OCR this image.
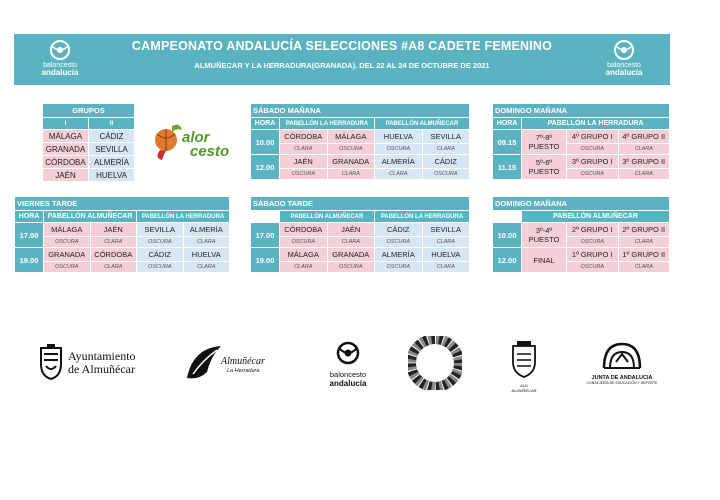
baloncesto
andalucía
CAMPEONATO ANDALUCÍA SELECCIONES #A8 CADETE FEMENINO
ALMUÑECAR Y LA HERRADURA(GRANADA). DEL 22 AL 24 DE OCTUBRE DE 2021	baloncesto
andalucía
GRUPOS	
I	II
MÁLAGA	CÁDIZ
GRANADA	SEVILLA
CÓRDOBA	ALMERÍA
JAÉN	HUELVA
alor
cesto
SÁBADO MAÑANA				
HORA	PABELLÓN LA HERRADURA		PABELLÓN ALMUÑECAR	
10.00	CÓRDOBA	MÁLAGA	HUELVA	SEVILLA
	CLARA	OSCURA	OSCURA	CLARA
12.00	JAÉN	GRANADA	ALMERÍA	CÁDIZ
	OSCURA	CLARA	CLARA	OSCURA
DOMINGO MAÑANA			
HORA	PABELLÓN LA HERRADURA		
09.15	7º-8º PUESTO	4º GRUPO I	4º GRUPO II
		OSCURA	CLARA
11.15	5º-6º PUESTO	3º GRUPO I	3º GRUPO II
		OSCURA	CLARA
VIERNES TARDE				
HORA	PABELLÓN ALMUÑECAR		PABELLÓN LA HERRADURA	
17.00	MÁLAGA	JAÉN	SEVILLA	ALMERÍA
	OSCURA	CLARA	OSCURA	CLARA
19.00	GRANADA	CÓRDOBA	CÁDIZ	HUELVA
	OSCURA	CLARA	OSCURA	CLARA
SÁBADO TARDE				
	PABELLÓN ALMUÑECAR		PABELLÓN LA HERRADURA	
17.00	CÓRDOBA	JAÉN	CÁDIZ	SEVILLA
	OSCURA	CLARA	OSCURA	CLARA
19.00	MÁLAGA	GRANADA	ALMERÍA	HUELVA
	CLARA	OSCURA	OSCURA	CLARA
DOMINGO MAÑANA			
	PABELLÓN ALMUÑECAR		
10.00	3º-4º PUESTO	2º GRUPO I	2º GRUPO II
		OSCURA	CLARA
12.00	FINAL	1º GRUPO I	1º GRUPO II
		OSCURA	CLARA
Ayuntamiento
de Almuñécar
Almuñécar
La Herradura	baloncesto
andalucía	ALD ALMUÑÉCAR
JUNTA DE ANDALUCIA
CONSEJERÍA DE EDUCACIÓN Y DEPORTE
